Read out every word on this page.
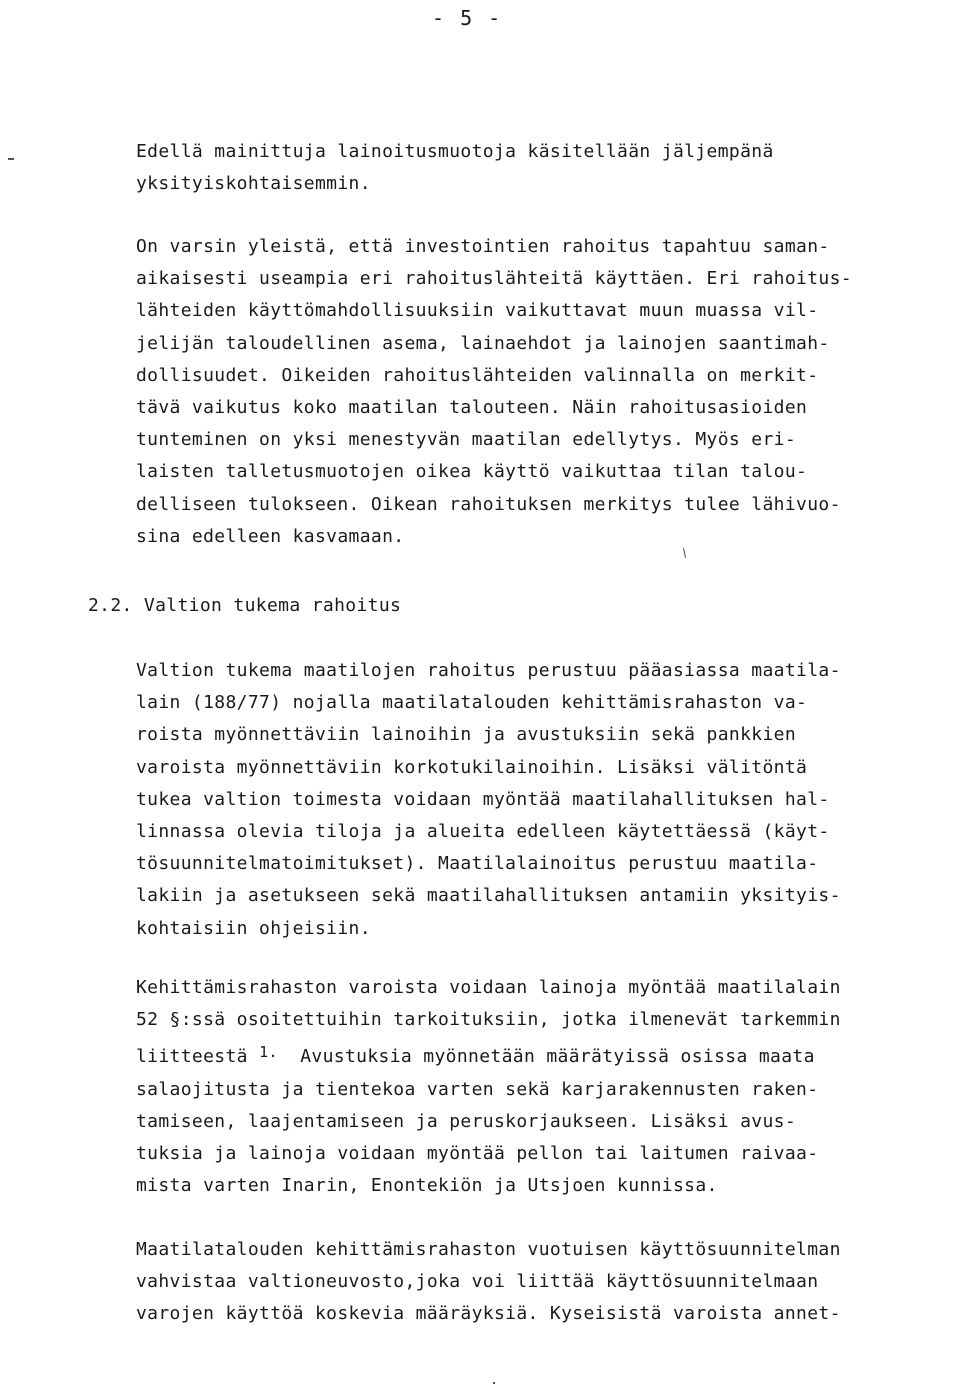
- 5 -
Edellä mainittuja lainoitusmuotoja käsitellään jäljempänä
yksityiskohtaisemmin.
On varsin yleistä, että investointien rahoitus tapahtuu saman-
aikaisesti useampia eri rahoituslähteitä käyttäen. Eri rahoitus-
lähteiden käyttömahdollisuuksiin vaikuttavat muun muassa vil-
jelijän taloudellinen asema, lainaehdot ja lainojen saantimah-
dollisuudet. Oikeiden rahoituslähteiden valinnalla on merkit-
tävä vaikutus koko maatilan talouteen. Näin rahoitusasioiden
tunteminen on yksi menestyvän maatilan edellytys. Myös eri-
laisten talletusmuotojen oikea käyttö vaikuttaa tilan talou-
delliseen tulokseen. Oikean rahoituksen merkitys tulee lähivuo-
sina edelleen kasvamaan.
2.2. Valtion tukema rahoitus
Valtion tukema maatilojen rahoitus perustuu pääasiassa maatila-
lain (188/77) nojalla maatilatalouden kehittämisrahaston va-
roista myönnettäviin lainoihin ja avustuksiin sekä pankkien
varoista myönnettäviin korkotukilainoihin. Lisäksi välitöntä
tukea valtion toimesta voidaan myöntää maatilahallituksen hal-
linnassa olevia tiloja ja alueita edelleen käytettäessä (käyt-
tösuunnitelmatoimitukset). Maatilalainoitus perustuu maatila-
lakiin ja asetukseen sekä maatilahallituksen antamiin yksityis-
kohtaisiin ohjeisiin.
Kehittämisrahaston varoista voidaan lainoja myöntää maatilalain
52 §:ssä osoitettuihin tarkoituksiin, jotka ilmenevät tarkemmin
liitteestä $^{1.}$  Avustuksia myönnetään määrätyissä osissa maata
salaojitusta ja tientekoa varten sekä karjarakennusten raken-
tamiseen, laajentamiseen ja peruskorjaukseen. Lisäksi avus-
tuksia ja lainoja voidaan myöntää pellon tai laitumen raivaa-
mista varten Inarin, Enontekiön ja Utsjoen kunnissa.
Maatilatalouden kehittämisrahaston vuotuisen käyttösuunnitelman
vahvistaa valtioneuvosto,joka voi liittää käyttösuunnitelmaan
varojen käyttöä koskevia määräyksiä. Kyseisistä varoista annet-
